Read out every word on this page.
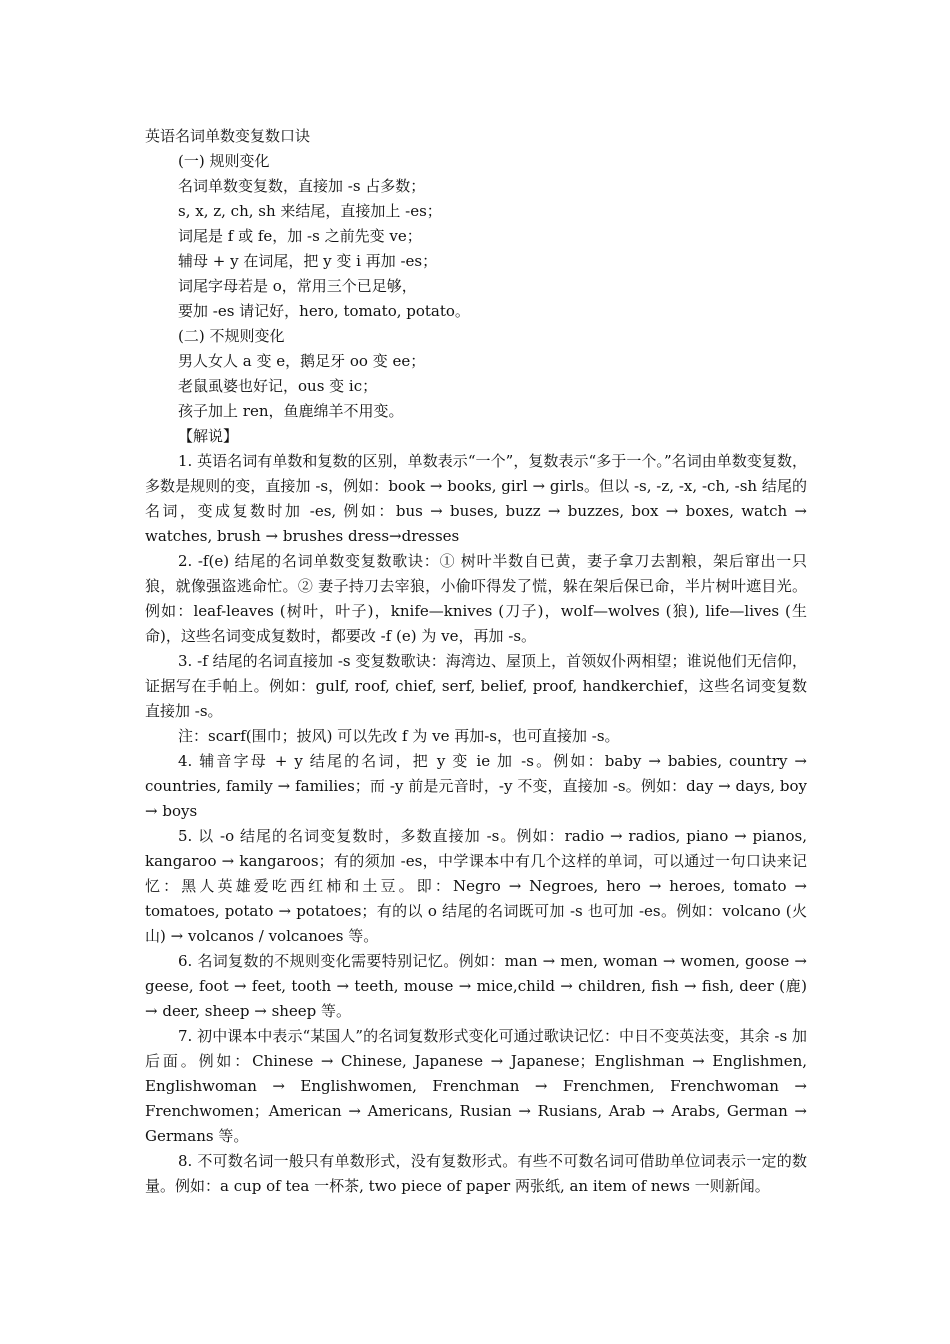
英语名词单数变复数口诀
(一) 规则变化
名词单数变复数，直接加 -s 占多数；
s, x, z, ch, sh 来结尾，直接加上 -es；
词尾是 f 或 fe，加 -s 之前先变 ve；
辅母 + y 在词尾，把 y 变 i 再加 -es；
词尾字母若是 o，常用三个已足够，
要加 -es 请记好，hero, tomato, potato。
(二) 不规则变化
男人女人 a 变 e，鹅足牙 oo 变 ee；
老鼠虱婆也好记，ous 变 ic；
孩子加上 ren，鱼鹿绵羊不用变。
【解说】

1. 英语名词有单数和复数的区别，单数表示“一个”，复数表示“多于一个。”名词由单数变复数，多数是规则的变，直接加 -s，例如：book → books, girl → girls。但以 -s, -z, -x, -ch, -sh 结尾的名词，变成复数时加 -es, 例如：bus → buses, buzz → buzzes, box → boxes, watch → watches, brush → brushes dress→dresses

2. -f(e) 结尾的名词单数变复数歌诀：① 树叶半数自已黄，妻子拿刀去割粮，架后窜出一只狼，就像强盗逃命忙。② 妻子持刀去宰狼，小偷吓得发了慌，躲在架后保已命，半片树叶遮目光。例如：leaf-leaves (树叶，叶子)，knife—knives (刀子)，wolf—wolves (狼), life—lives (生命)，这些名词变成复数时，都要改 -f (e) 为 ve，再加 -s。

3. -f 结尾的名词直接加 -s 变复数歌诀：海湾边、屋顶上，首领奴仆两相望；谁说他们无信仰，证据写在手帕上。例如：gulf, roof, chief, serf, belief, proof, handkerchief，这些名词变复数直接加 -s。

注：scarf(围巾；披风) 可以先改 f 为 ve 再加-s，也可直接加 -s。

4. 辅音字母 + y 结尾的名词，把 y 变 ie 加 -s。例如：baby → babies, country → countries, family → families；而 -y 前是元音时，-y 不变，直接加 -s。例如：day → days, boy → boys

5. 以 -o 结尾的名词变复数时，多数直接加 -s。例如：radio → radios, piano → pianos, kangaroo → kangaroos；有的须加 -es，中学课本中有几个这样的单词，可以通过一句口诀来记忆：黑人英雄爱吃西红柿和土豆。即：Negro → Negroes, hero → heroes, tomato → tomatoes, potato → potatoes；有的以 o 结尾的名词既可加 -s 也可加 -es。例如：volcano (火山) → volcanos / volcanoes 等。

6. 名词复数的不规则变化需要特别记忆。例如：man → men, woman → women, goose → geese, foot → feet, tooth → teeth, mouse → mice,child → children, fish → fish, deer (鹿) → deer, sheep → sheep 等。

7. 初中课本中表示“某国人”的名词复数形式变化可通过歌诀记忆：中日不变英法变，其余 -s 加后面。例如：Chinese → Chinese, Japanese → Japanese；Englishman → Englishmen, Englishwoman → Englishwomen, Frenchman → Frenchmen, Frenchwoman → Frenchwomen；American → Americans, Rusian → Rusians, Arab → Arabs, German → Germans 等。

8. 不可数名词一般只有单数形式，没有复数形式。有些不可数名词可借助单位词表示一定的数量。例如：a cup of tea 一杯茶, two piece of paper 两张纸, an item of news 一则新闻。
